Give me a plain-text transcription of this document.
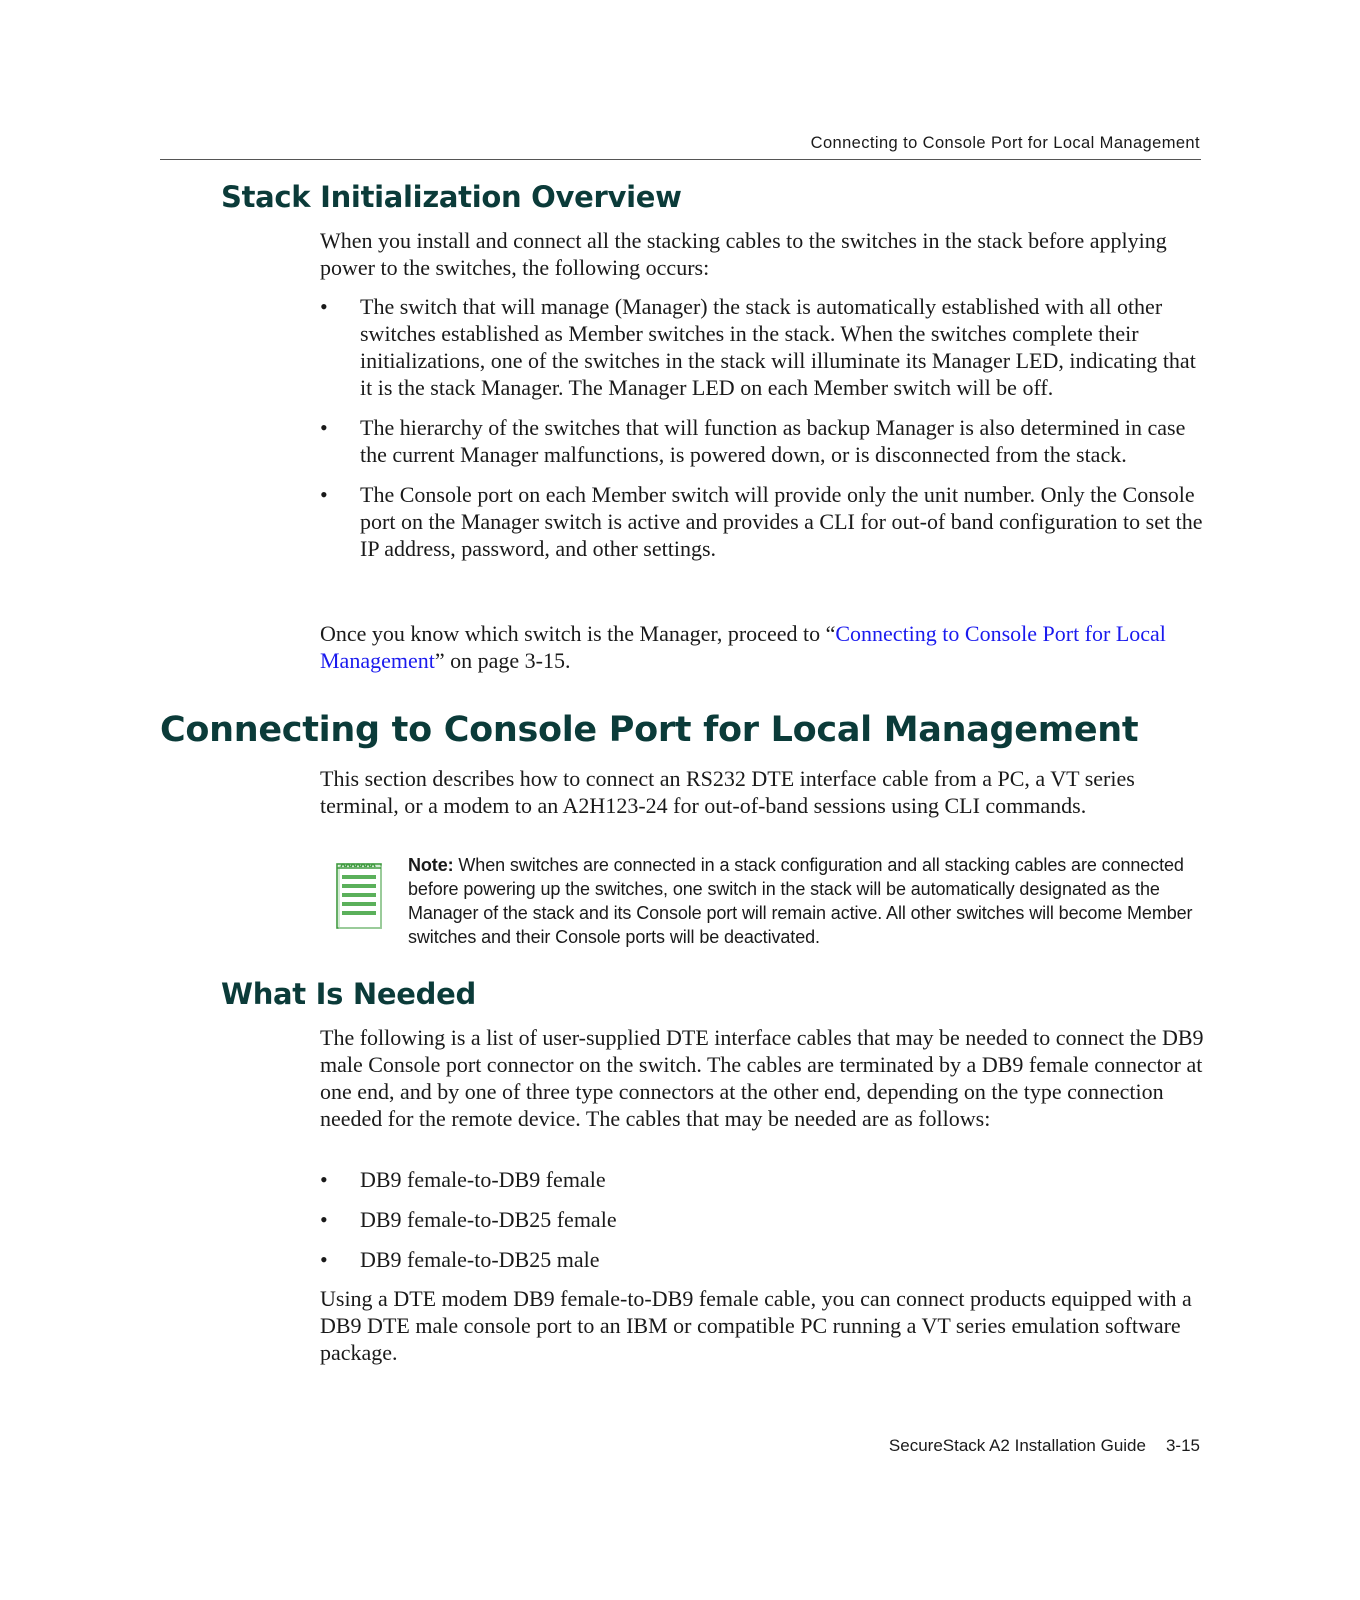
Connecting to Console Port for Local Management
Stack Initialization Overview

When you install and connect all the stacking cables to the switches in the stack before applying power to the switches, the following occurs:

• The switch that will manage (Manager) the stack is automatically established with all other switches established as Member switches in the stack. When the switches complete their initializations, one of the switches in the stack will illuminate its Manager LED, indicating that it is the stack Manager. The Manager LED on each Member switch will be off.
• The hierarchy of the switches that will function as backup Manager is also determined in case the current Manager malfunctions, is powered down, or is disconnected from the stack.
• The Console port on each Member switch will provide only the unit number. Only the Console port on the Manager switch is active and provides a CLI for out-of band configuration to set the IP address, password, and other settings.

Once you know which switch is the Manager, proceed to “Connecting to Console Port for Local Management” on page 3-15.

Connecting to Console Port for Local Management

This section describes how to connect an RS232 DTE interface cable from a PC, a VT series terminal, or a modem to an A2H123-24 for out-of-band sessions using CLI commands.

Note: When switches are connected in a stack configuration and all stacking cables are connected before powering up the switches, one switch in the stack will be automatically designated as the Manager of the stack and its Console port will remain active. All other switches will become Member switches and their Console ports will be deactivated.
What Is Needed

The following is a list of user-supplied DTE interface cables that may be needed to connect the DB9 male Console port connector on the switch. The cables are terminated by a DB9 female connector at one end, and by one of three type connectors at the other end, depending on the type connection needed for the remote device. The cables that may be needed are as follows:

• DB9 female-to-DB9 female
• DB9 female-to-DB25 female
• DB9 female-to-DB25 male

Using a DTE modem DB9 female-to-DB9 female cable, you can connect products equipped with a DB9 DTE male console port to an IBM or compatible PC running a VT series emulation software package.

SecureStack A2 Installation Guide 3-15
